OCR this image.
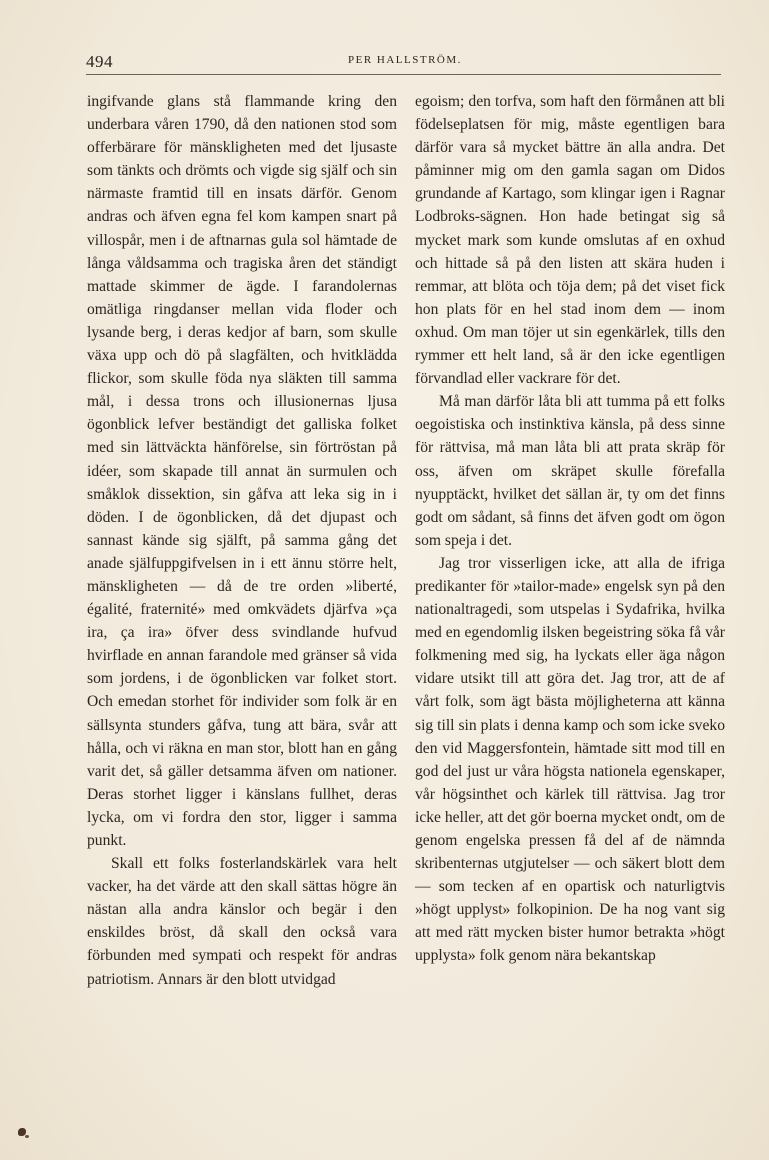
494	PER HALLSTRÖM.

ingifvande glans stå flammande kring den underbara våren 1790, då den nationen stod som offerbärare för mänskligheten med det ljusaste som tänkts och drömts och vigde sig själf och sin närmaste framtid till en insats därför. Genom andras och äfven egna fel kom kampen snart på villospår, men i de aftnarnas gula sol hämtade de långa våldsamma och tragiska åren det ständigt mattade skimmer de ägde. I farandolernas omätliga ringdanser mellan vida floder och lysande berg, i deras kedjor af barn, som skulle växa upp och dö på slagfälten, och hvitklädda flickor, som skulle föda nya släkten till samma mål, i dessa trons och illusionernas ljusa ögonblick lefver beständigt det galliska folket med sin lättväckta hänförelse, sin förtröstan på idéer, som skapade till annat än surmulen och småklok dissektion, sin gåfva att leka sig in i döden. I de ögonblicken, då det djupast och sannast kände sig själft, på samma gång det anade själfuppgifvelsen in i ett ännu större helt, mänskligheten — då de tre orden »liberté, égalité, fraternité» med omkvädets djärfva »ça ira, ça ira» öfver dess svindlande hufvud hvirflade en annan farandole med gränser så vida som jordens, i de ögonblicken var folket stort. Och emedan storhet för individer som folk är en sällsynta stunders gåfva, tung att bära, svår att hålla, och vi räkna en man stor, blott han en gång varit det, så gäller detsamma äfven om nationer. Deras storhet ligger i känslans fullhet, deras lycka, om vi fordra den stor, ligger i samma punkt.

Skall ett folks fosterlandskärlek vara helt vacker, ha det värde att den skall sättas högre än nästan alla andra känslor och begär i den enskildes bröst, då skall den också vara förbunden med sympati och respekt för andras patriotism. Annars är den blott utvidgad

egoism; den torfva, som haft den förmånen att bli födelseplatsen för mig, måste egentligen bara därför vara så mycket bättre än alla andra. Det påminner mig om den gamla sagan om Didos grundande af Kartago, som klingar igen i Ragnar Lodbroks-sägnen. Hon hade betingat sig så mycket mark som kunde omslutas af en oxhud och hittade så på den listen att skära huden i remmar, att blöta och töja dem; på det viset fick hon plats för en hel stad inom dem — inom oxhud. Om man töjer ut sin egenkärlek, tills den rymmer ett helt land, så är den icke egentligen förvandlad eller vackrare för det.

Må man därför låta bli att tumma på ett folks oegoistiska och instinktiva känsla, på dess sinne för rättvisa, må man låta bli att prata skräp för oss, äfven om skräpet skulle förefalla nyupptäckt, hvilket det sällan är, ty om det finns godt om sådant, så finns det äfven godt om ögon som speja i det.

Jag tror visserligen icke, att alla de ifriga predikanter för »tailor-made» engelsk syn på den nationaltragedi, som utspelas i Sydafrika, hvilka med en egendomlig ilsken begeistring söka få vår folkmening med sig, ha lyckats eller äga någon vidare utsikt till att göra det. Jag tror, att de af vårt folk, som ägt bästa möjligheterna att känna sig till sin plats i denna kamp och som icke sveko den vid Maggersfontein, hämtade sitt mod till en god del just ur våra högsta nationela egenskaper, vår högsinthet och kärlek till rättvisa. Jag tror icke heller, att det gör boerna mycket ondt, om de genom engelska pressen få del af de nämnda skribenternas utgjutelser — och säkert blott dem — som tecken af en opartisk och naturligtvis »högt upplyst» folkopinion. De ha nog vant sig att med rätt mycken bister humor betrakta »högt upplysta» folk genom nära bekantskap
